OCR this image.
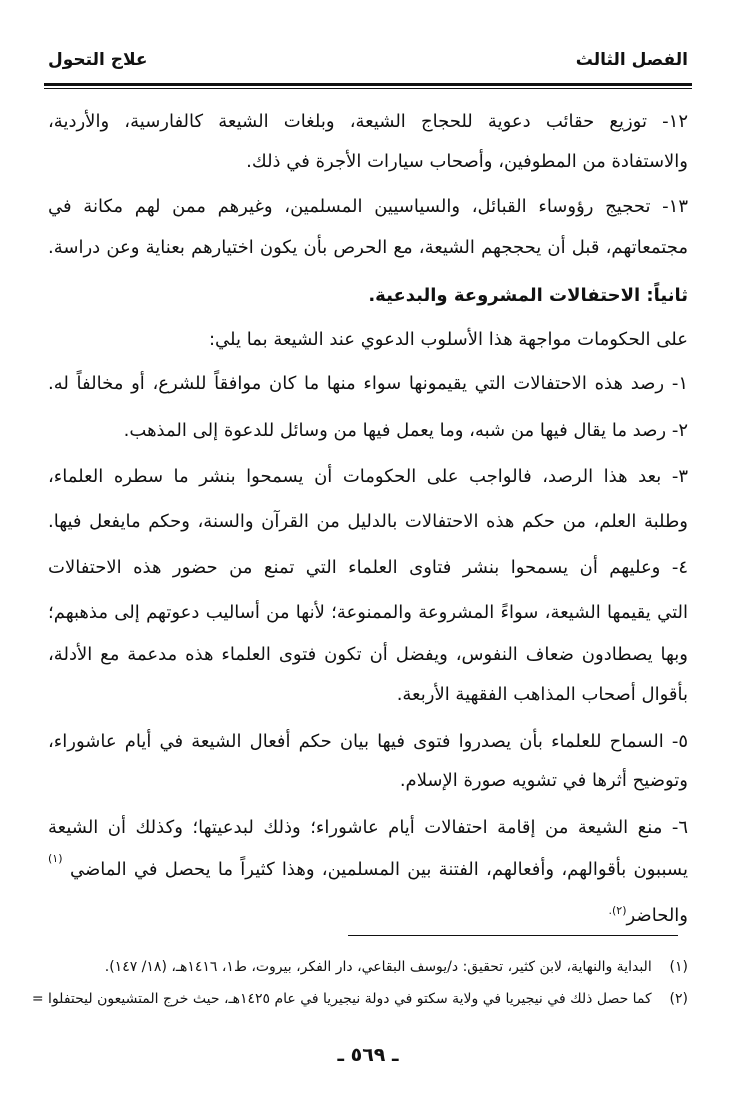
الفصل الثالث
علاج التحول
١٢- توزيع حقائب دعوية للحجاج الشيعة، وبلغات الشيعة كالفارسية، والأردية،
والاستفادة من المطوفين، وأصحاب سيارات الأجرة في ذلك.
١٣- تحجيج رؤوساء القبائل، والسياسيين المسلمين، وغيرهم ممن لهم مكانة في
مجتمعاتهم، قبل أن يحججهم الشيعة، مع الحرص بأن يكون اختيارهم بعناية وعن دراسة.
ثانياً: الاحتفالات المشروعة والبدعية.
على الحكومات مواجهة هذا الأسلوب الدعوي عند الشيعة بما يلي:
١- رصد هذه الاحتفالات التي يقيمونها سواء منها ما كان موافقاً للشرع، أو مخالفاً له.
٢- رصد ما يقال فيها من شبه، وما يعمل فيها من وسائل للدعوة إلى المذهب.
٣- بعد هذا الرصد، فالواجب على الحكومات أن يسمحوا بنشر ما سطره العلماء،
وطلبة العلم، من حكم هذه الاحتفالات بالدليل من القرآن والسنة، وحكم مايفعل فيها.
٤- وعليهم أن يسمحوا بنشر فتاوى العلماء التي تمنع من حضور هذه الاحتفالات
التي يقيمها الشيعة، سواءً المشروعة والممنوعة؛ لأنها من أساليب دعوتهم إلى مذهبهم؛
وبها يصطادون ضعاف النفوس، ويفضل أن تكون فتوى العلماء هذه مدعمة مع الأدلة،
بأقوال أصحاب المذاهب الفقهية الأربعة.
٥- السماح للعلماء بأن يصدروا فتوى فيها بيان حكم أفعال الشيعة في أيام عاشوراء،
وتوضيح أثرها في تشويه صورة الإسلام.
٦- منع الشيعة من إقامة احتفالات أيام عاشوراء؛ وذلك لبدعيتها؛ وكذلك أن الشيعة
يسببون بأقوالهم، وأفعالهم، الفتنة بين المسلمين، وهذا كثيراً ما يحصل في الماضي
(١)
والحاضر$^{(٢).}$
(١)    البداية والنهاية، لابن كثير، تحقيق: د/يوسف البقاعي، دار الفكر، بيروت، ط١، ١٤١٦هـ، (١٨/ ١٤٧).
(٢)    كما حصل ذلك في نيجيريا في ولاية سكتو في دولة نيجيريا في عام ١٤٢٥هـ، حيث خرج المتشيعون ليحتفلوا =
ـ ٥٦٩ ـ
